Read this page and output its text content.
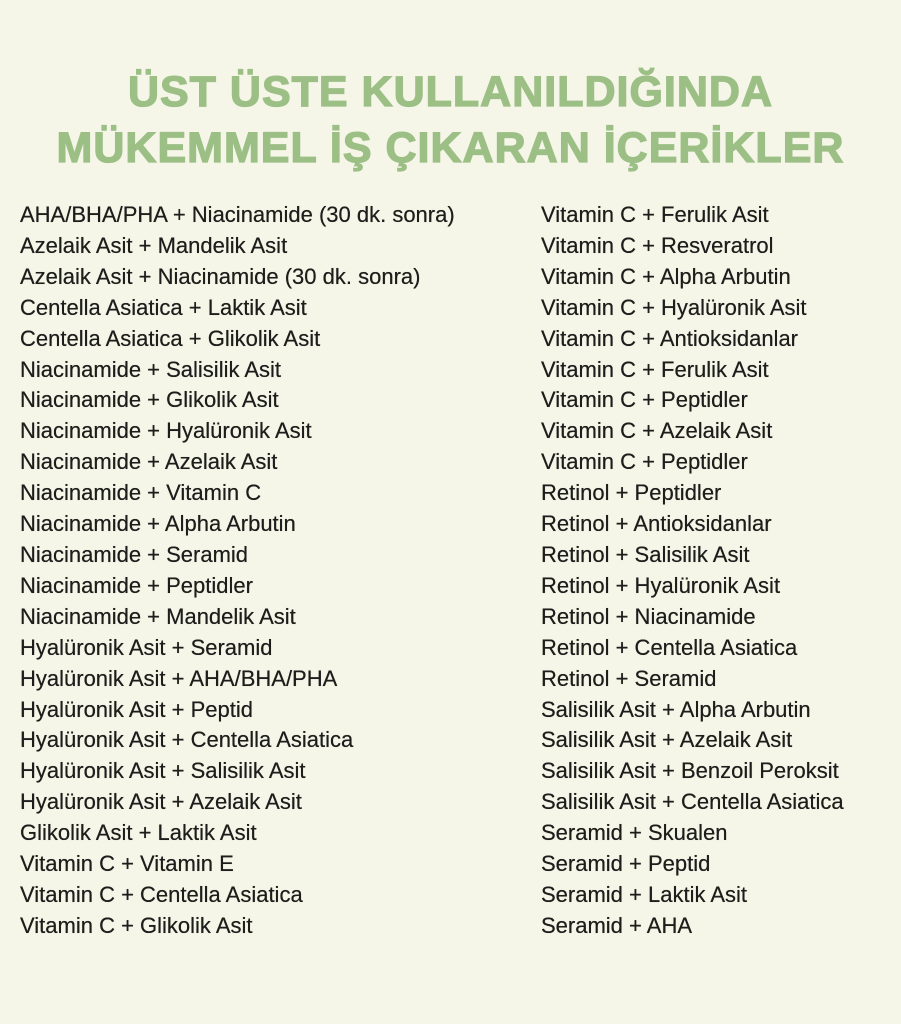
ÜST ÜSTE KULLANILDIĞINDA
MÜKEMMEL İŞ ÇIKARAN İÇERİKLER
AHA/BHA/PHA + Niacinamide (30 dk. sonra)
Azelaik Asit + Mandelik Asit
Azelaik Asit + Niacinamide (30 dk. sonra)
Centella Asiatica + Laktik Asit
Centella Asiatica + Glikolik Asit
Niacinamide + Salisilik Asit
Niacinamide + Glikolik Asit
Niacinamide + Hyalüronik Asit
Niacinamide + Azelaik Asit
Niacinamide + Vitamin C
Niacinamide + Alpha Arbutin
Niacinamide + Seramid
Niacinamide + Peptidler
Niacinamide + Mandelik Asit
Hyalüronik Asit + Seramid
Hyalüronik Asit + AHA/BHA/PHA
Hyalüronik Asit + Peptid
Hyalüronik Asit + Centella Asiatica
Hyalüronik Asit + Salisilik Asit
Hyalüronik Asit + Azelaik Asit
Glikolik Asit + Laktik Asit
Vitamin C + Vitamin E
Vitamin C + Centella Asiatica
Vitamin C + Glikolik Asit
Vitamin C + Ferulik Asit
Vitamin C + Resveratrol
Vitamin C + Alpha Arbutin
Vitamin C + Hyalüronik Asit
Vitamin C + Antioksidanlar
Vitamin C + Ferulik Asit
Vitamin C + Peptidler
Vitamin C + Azelaik Asit
Vitamin C + Peptidler
Retinol + Peptidler
Retinol + Antioksidanlar
Retinol + Salisilik Asit
Retinol + Hyalüronik Asit
Retinol + Niacinamide
Retinol + Centella Asiatica
Retinol + Seramid
Salisilik Asit + Alpha Arbutin
Salisilik Asit + Azelaik Asit
Salisilik Asit + Benzoil Peroksit
Salisilik Asit + Centella Asiatica
Seramid + Skualen
Seramid + Peptid
Seramid + Laktik Asit
Seramid + AHA
